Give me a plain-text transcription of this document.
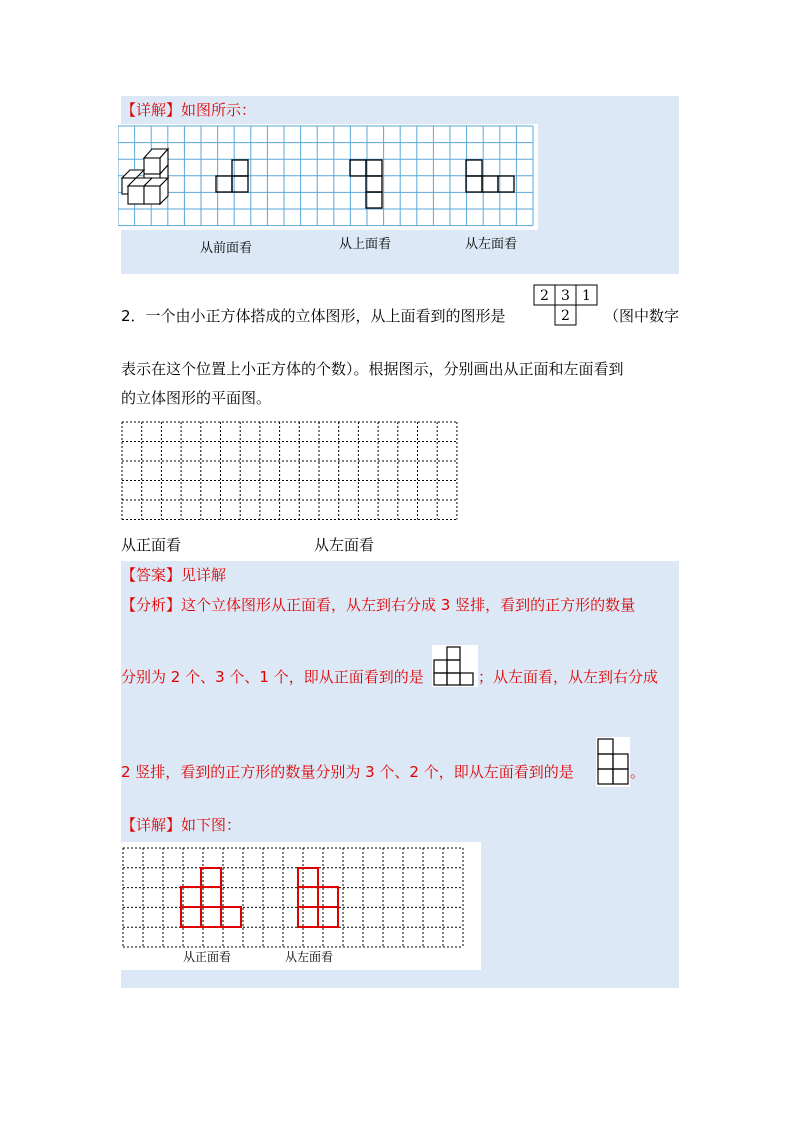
【详解】如图所示：
从前面看	从上面看	从左面看
2．一个由小正方体搭成的立体图形，从上面看到的图形是
2 3 1
2 （图中数字
表示在这个位置上小正方体的个数）。根据图示，分别画出从正面和左面看到
的立体图形的平面图。
从正面看	从左面看
【答案】见详解
【分析】这个立体图形从正面看，从左到右分成 3 竖排，看到的正方形的数量
分别为 2 个、3 个、1 个，即从正面看到的是	；从左面看，从左到右分成
2 竖排，看到的正方形的数量分别为 3 个、2 个，即从左面看到的是	。
【详解】如下图：
从正面看	从左面看
